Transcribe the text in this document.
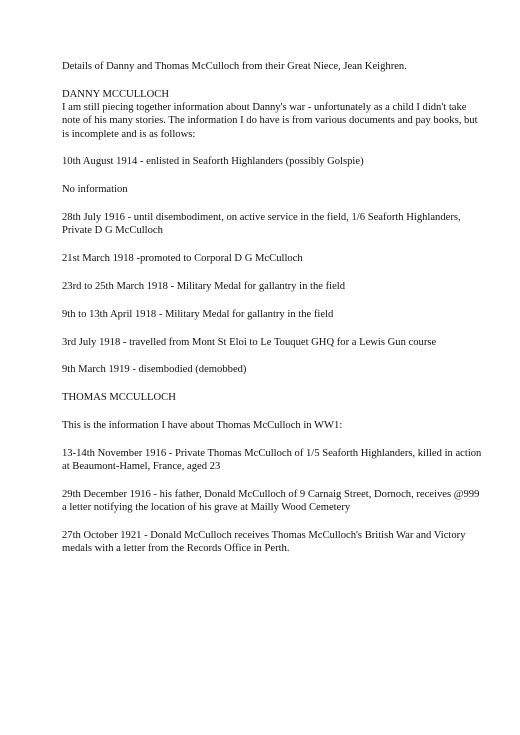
Details of Danny and Thomas McCulloch from their Great Niece, Jean Keighren.

DANNY MCCULLOCH

I am still piecing together information about Danny's war - unfortunately as a child I didn't take note of his many stories. The information I do have is from various documents and pay books, but is incomplete and is as follows:

10th August 1914 - enlisted in Seaforth Highlanders (possibly Golspie)

No information

28th July 1916 - until disembodiment, on active service in the field, 1/6 Seaforth Highlanders, Private D G McCulloch

21st March 1918 -promoted to Corporal D G McCulloch

23rd to 25th March 1918 - Military Medal for gallantry in the field

9th to 13th April 1918 - Military Medal for gallantry in the field

3rd July 1918 - travelled from Mont St Eloi to Le Touquet GHQ for a Lewis Gun course

9th March 1919 - disembodied (demobbed)

THOMAS MCCULLOCH

This is the information I have about Thomas McCulloch in WW1:

13-14th November 1916 - Private Thomas McCulloch of 1/5 Seaforth Highlanders, killed in action at Beaumont-Hamel, France, aged 23

29th December 1916 - his father, Donald McCulloch of 9 Carnaig Street, Dornoch, receives @999

a letter notifying the location of his grave at Mailly Wood Cemetery

27th October 1921 - Donald McCulloch receives Thomas McCulloch's British War and Victory medals with a letter from the Records Office in Perth.
